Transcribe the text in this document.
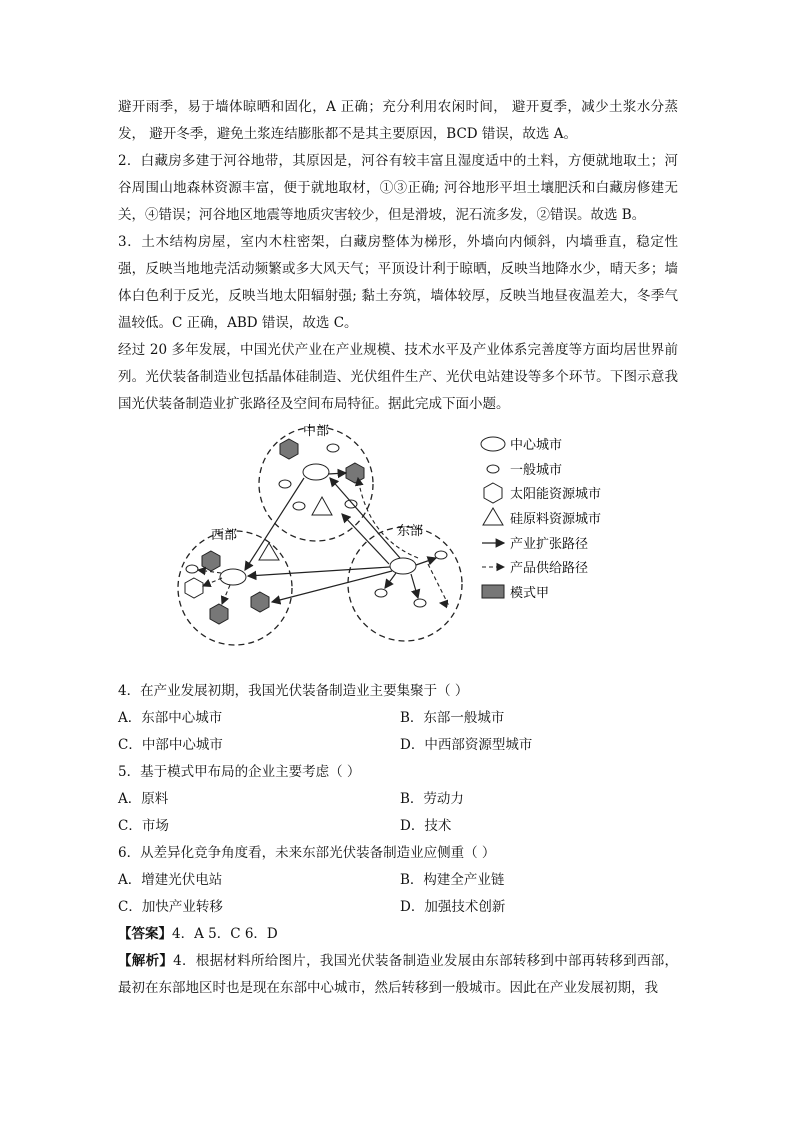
避开雨季，易于墙体晾晒和固化，A 正确；充分利用农闲时间， 避开夏季，减少土浆水分蒸发， 避开冬季，避免土浆连结膨胀都不是其主要原因，BCD 错误，故选 A。

2．白藏房多建于河谷地带，其原因是，河谷有较丰富且湿度适中的土料，方便就地取土；河谷周围山地森林资源丰富，便于就地取材，①③正确; 河谷地形平坦土壤肥沃和白藏房修建无关，④错误；河谷地区地震等地质灾害较少，但是滑坡，泥石流多发，②错误。故选 B。

3．土木结构房屋，室内木柱密架，白藏房整体为梯形，外墙向内倾斜，内墙垂直，稳定性强，反映当地地壳活动频繁或多大风天气；平顶设计利于晾晒，反映当地降水少，晴天多；墙体白色利于反光，反映当地太阳辐射强; 黏土夯筑，墙体较厚，反映当地昼夜温差大，冬季气温较低。C 正确，ABD 错误，故选 C。

经过 20 多年发展，中国光伏产业在产业规模、技术水平及产业体系完善度等方面均居世界前列。光伏装备制造业包括晶体硅制造、光伏组件生产、光伏电站建设等多个环节。下图示意我国光伏装备制造业扩张路径及空间布局特征。据此完成下面小题。

中部
西部	东部
中心城市
一般城市
太阳能资源城市
硅原料资源城市
产业扩张路径
产品供给路径
模式甲

4．在产业发展初期，我国光伏装备制造业主要集聚于（ ）

A．东部中心城市	B．东部一般城市
C．中部中心城市	D．中西部资源型城市

5．基于模式甲布局的企业主要考虑（ ）

A．原料	B．劳动力
C．市场	D．技术

6．从差异化竞争角度看，未来东部光伏装备制造业应侧重（ ）

A．增建光伏电站	B．构建全产业链
C．加快产业转移	D．加强技术创新

【答案】4．A 5．C 6．D

【解析】4．根据材料所给图片，我国光伏装备制造业发展由东部转移到中部再转移到西部，最初在东部地区时也是现在东部中心城市，然后转移到一般城市。因此在产业发展初期，我
